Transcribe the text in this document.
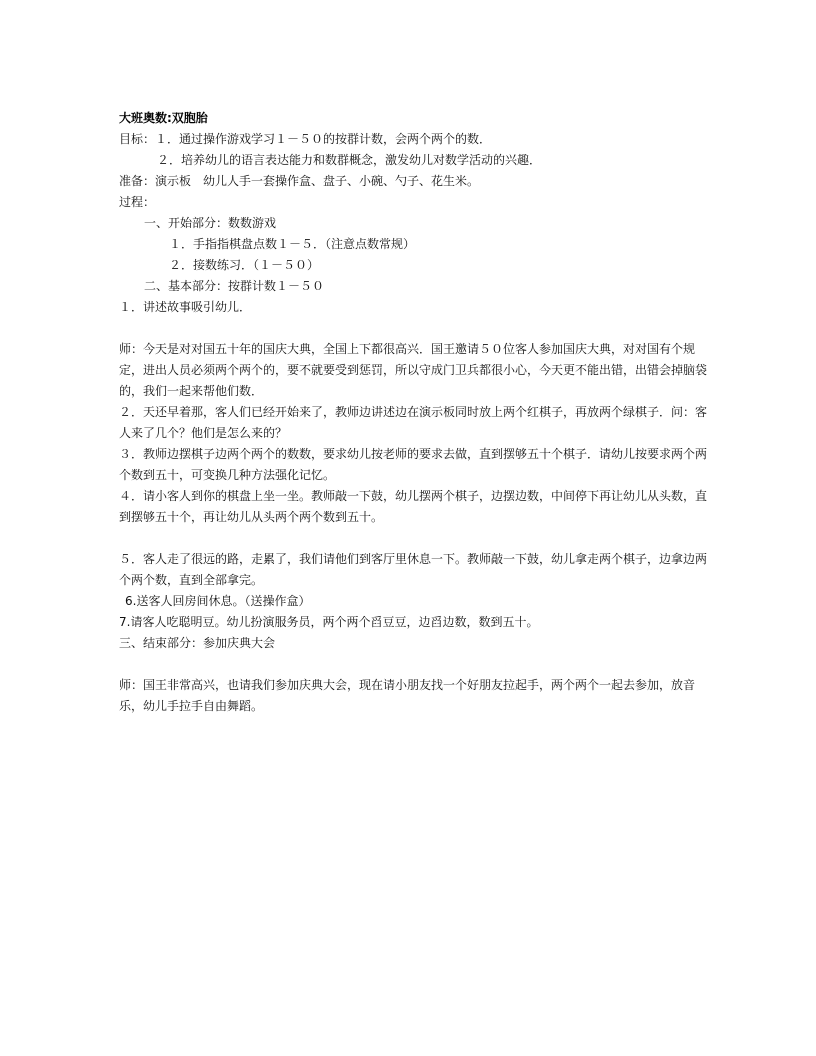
大班奥数:双胞胎
目标：１．通过操作游戏学习１－５０的按群计数，会两个两个的数．
２．培养幼儿的语言表达能力和数群概念，激发幼儿对数学活动的兴趣．
准备：演示板　幼儿人手一套操作盒、盘子、小碗、勺子、花生米。
过程：
一、开始部分：数数游戏
１．手指指棋盘点数１－５．（注意点数常规）
２．接数练习．（１－５０）
二、基本部分：按群计数１－５０
１．讲述故事吸引幼儿．
师：今天是对对国五十年的国庆大典，全国上下都很高兴．国王邀请５０位客人参加国庆大典，对对国有个规定，进出人员必须两个两个的，要不就要受到惩罚，所以守成门卫兵都很小心，今天更不能出错，出错会掉脑袋的，我们一起来帮他们数．
２．天还早着那，客人们已经开始来了，教师边讲述边在演示板同时放上两个红棋子，再放两个绿棋子．问：客人来了几个？他们是怎么来的？
３．教师边摆棋子边两个两个的数数，要求幼儿按老师的要求去做，直到摆够五十个棋子．请幼儿按要求两个两个数到五十，可变换几种方法强化记忆。
４．请小客人到你的棋盘上坐一坐。教师敲一下鼓，幼儿摆两个棋子，边摆边数，中间停下再让幼儿从头数，直到摆够五十个，再让幼儿从头两个两个数到五十。
５．客人走了很远的路，走累了，我们请他们到客厅里休息一下。教师敲一下鼓，幼儿拿走两个棋子，边拿边两个两个数，直到全部拿完。
6.送客人回房间休息。（送操作盒）
7.请客人吃聪明豆。幼儿扮演服务员，两个两个舀豆豆，边舀边数，数到五十。
三、结束部分：参加庆典大会
师：国王非常高兴，也请我们参加庆典大会，现在请小朋友找一个好朋友拉起手，两个两个一起去参加，放音乐，幼儿手拉手自由舞蹈。
